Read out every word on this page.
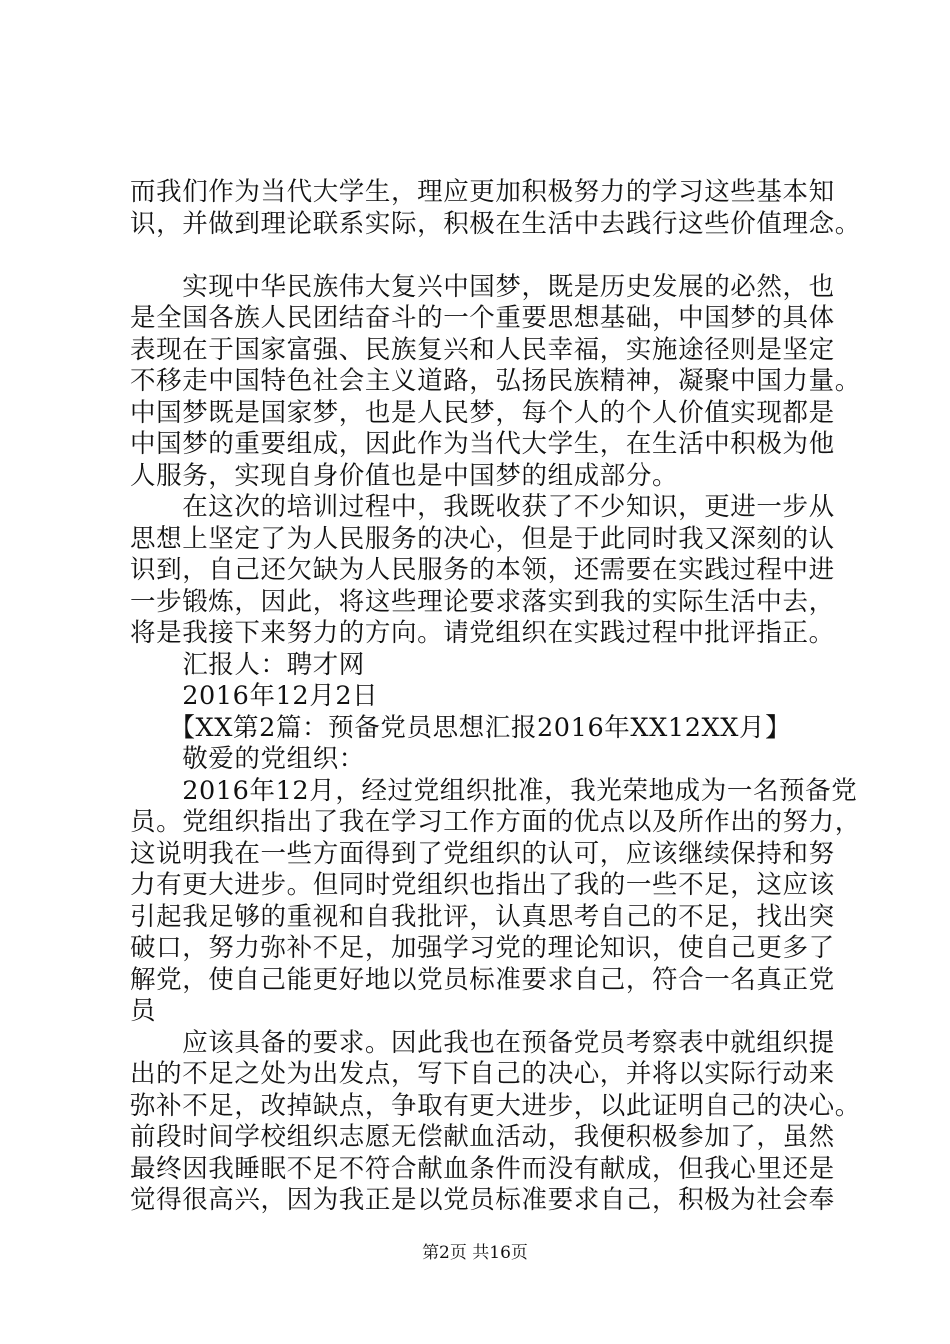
而我们作为当代大学生，理应更加积极努力的学习这些基本知
识，并做到理论联系实际，积极在生活中去践行这些价值理念。
　　实现中华民族伟大复兴中国梦，既是历史发展的必然，也
是全国各族人民团结奋斗的一个重要思想基础，中国梦的具体
表现在于国家富强、民族复兴和人民幸福，实施途径则是坚定
不移走中国特色社会主义道路，弘扬民族精神，凝聚中国力量。
中国梦既是国家梦，也是人民梦，每个人的个人价值实现都是
中国梦的重要组成，因此作为当代大学生，在生活中积极为他
人服务，实现自身价值也是中国梦的组成部分。
　　在这次的培训过程中，我既收获了不少知识，更进一步从
思想上坚定了为人民服务的决心，但是于此同时我又深刻的认
识到，自己还欠缺为人民服务的本领，还需要在实践过程中进
一步锻炼，因此，将这些理论要求落实到我的实际生活中去，
将是我接下来努力的方向。请党组织在实践过程中批评指正。
　　汇报人：聘才网
　　2016年12月2日
　　【XX第2篇：预备党员思想汇报2016年XX12XX月】
　　敬爱的党组织：
　　2016年12月，经过党组织批准，我光荣地成为一名预备党
员。党组织指出了我在学习工作方面的优点以及所作出的努力，
这说明我在一些方面得到了党组织的认可，应该继续保持和努
力有更大进步。但同时党组织也指出了我的一些不足，这应该
引起我足够的重视和自我批评，认真思考自己的不足，找出突
破口，努力弥补不足，加强学习党的理论知识，使自己更多了
解党，使自己能更好地以党员标准要求自己，符合一名真正党
员
　　应该具备的要求。因此我也在预备党员考察表中就组织提
出的不足之处为出发点，写下自己的决心，并将以实际行动来
弥补不足，改掉缺点，争取有更大进步，以此证明自己的决心。
前段时间学校组织志愿无偿献血活动，我便积极参加了，虽然
最终因我睡眠不足不符合献血条件而没有献成，但我心里还是
觉得很高兴，因为我正是以党员标准要求自己，积极为社会奉
第2页 共16页
